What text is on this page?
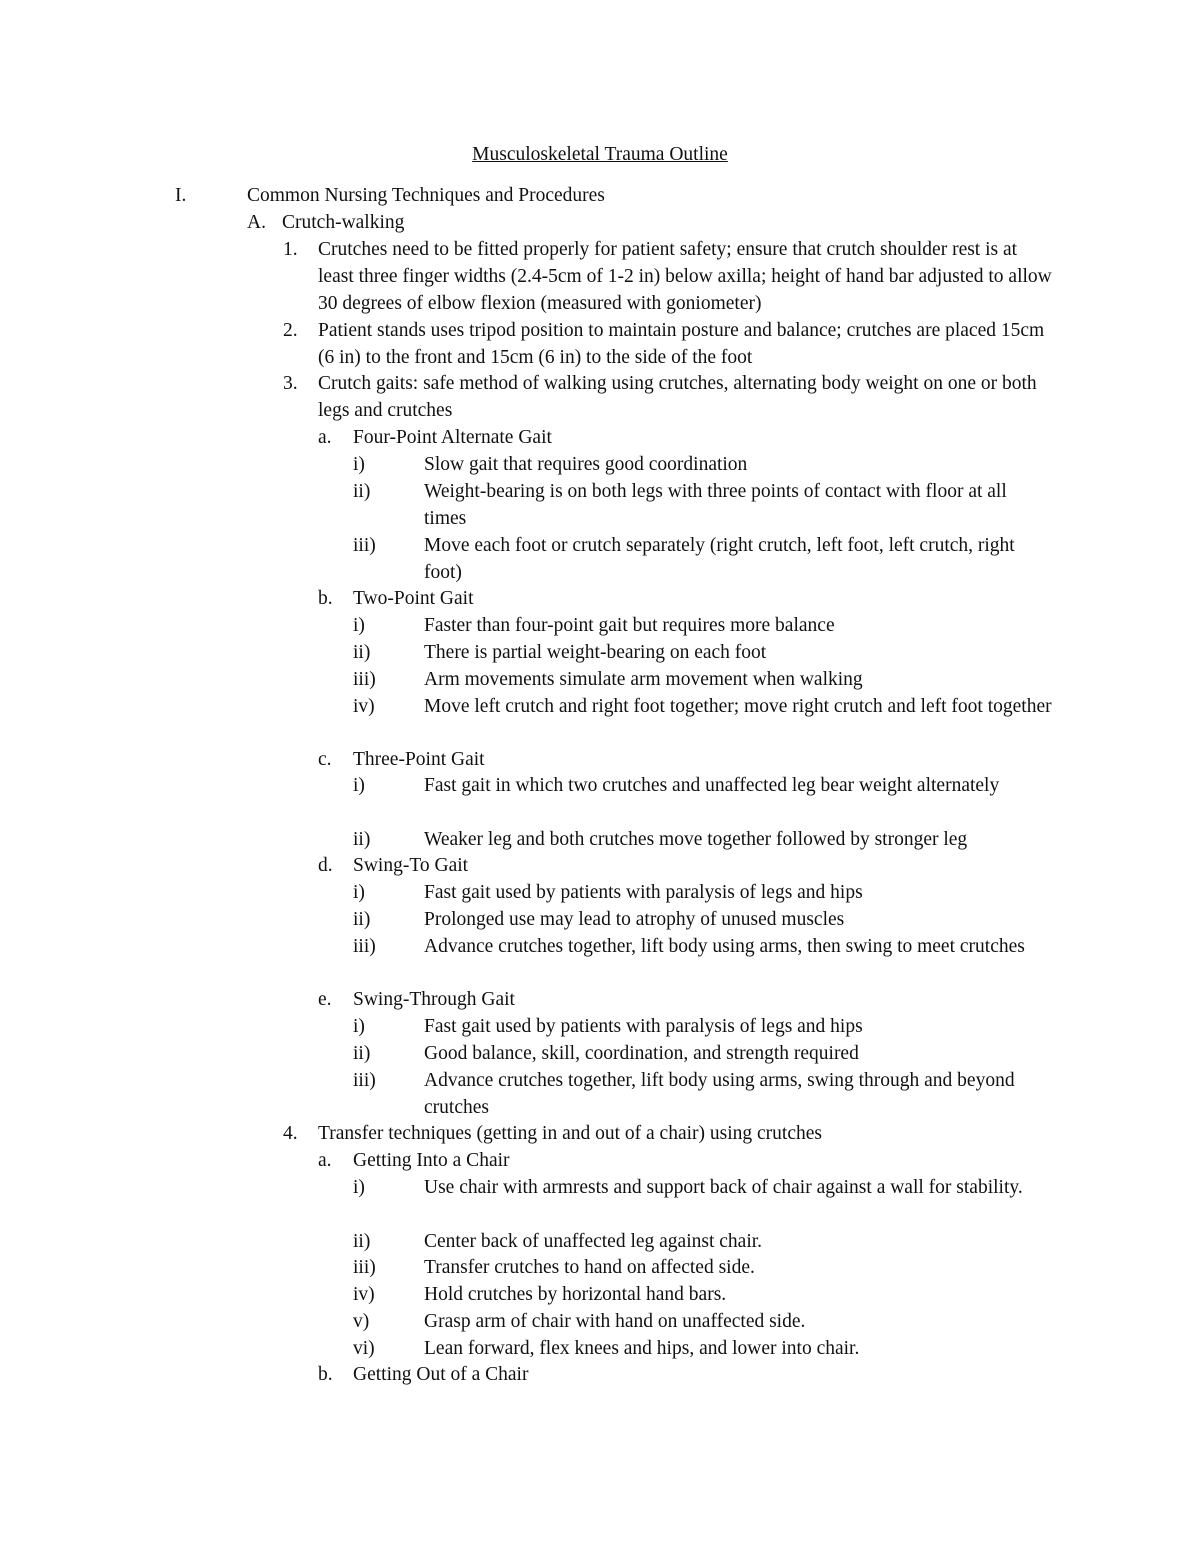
Musculoskeletal Trauma Outline
I.	Common Nursing Techniques and Procedures
A. Crutch-walking
1. Crutches need to be fitted properly for patient safety; ensure that crutch shoulder rest is at least three finger widths (2.4-5cm of 1-2 in) below axilla; height of hand bar adjusted to allow 30 degrees of elbow flexion (measured with goniometer)
2. Patient stands uses tripod position to maintain posture and balance; crutches are placed 15cm (6 in) to the front and 15cm (6 in) to the side of the foot
3. Crutch gaits: safe method of walking using crutches, alternating body weight on one or both legs and crutches
a. Four-Point Alternate Gait
i)	Slow gait that requires good coordination
ii)	Weight-bearing is on both legs with three points of contact with floor at all times
iii) Move each foot or crutch separately (right crutch, left foot, left crutch, right foot)
b. Two-Point Gait
i)	Faster than four-point gait but requires more balance
ii)	There is partial weight-bearing on each foot
iii) Arm movements simulate arm movement when walking
iv)	Move left crutch and right foot together; move right crutch and left foot together
c. Three-Point Gait
i)	Fast gait in which two crutches and unaffected leg bear weight alternately
ii)	Weaker leg and both crutches move together followed by stronger leg
d. Swing-To Gait
i)	Fast gait used by patients with paralysis of legs and hips
ii)	Prolonged use may lead to atrophy of unused muscles
iii) Advance crutches together, lift body using arms, then swing to meet crutches
e. Swing-Through Gait
i)	Fast gait used by patients with paralysis of legs and hips
ii)	Good balance, skill, coordination, and strength required
iii) Advance crutches together, lift body using arms, swing through and beyond crutches
4. Transfer techniques (getting in and out of a chair) using crutches
a. Getting Into a Chair
i)	Use chair with armrests and support back of chair against a wall for stability.
ii)	Center back of unaffected leg against chair.
iii) Transfer crutches to hand on affected side.
iv)	Hold crutches by horizontal hand bars.
v)	Grasp arm of chair with hand on unaffected side.
vi)	Lean forward, flex knees and hips, and lower into chair.
b. Getting Out of a Chair
